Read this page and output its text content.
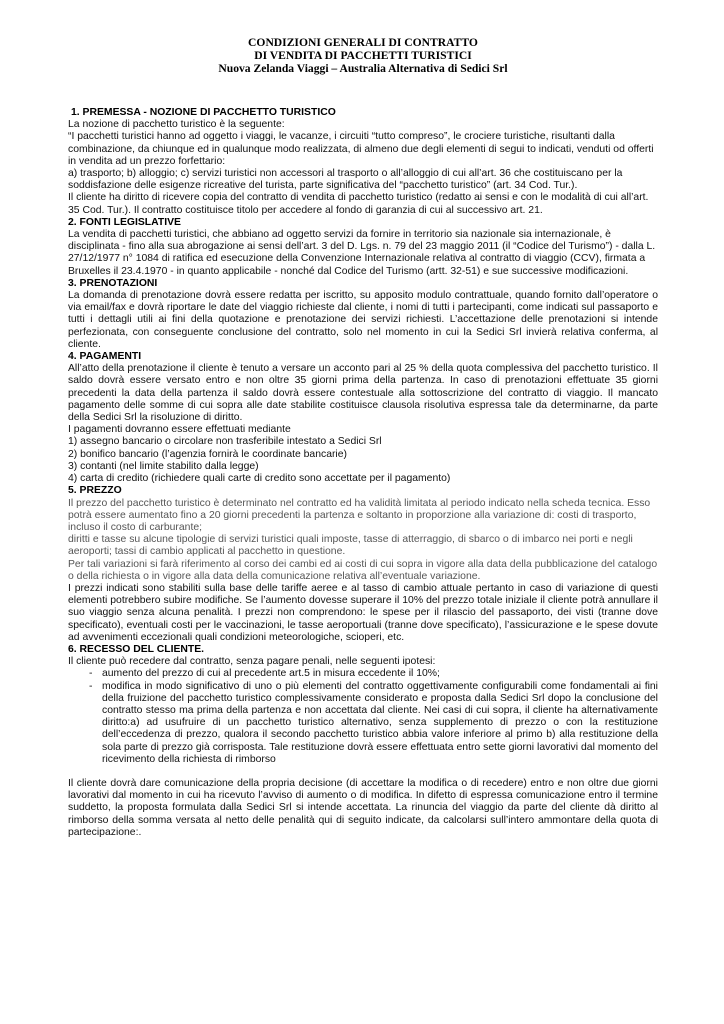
CONDIZIONI GENERALI DI CONTRATTO
DI VENDITA DI PACCHETTI TURISTICI
Nuova Zelanda Viaggi – Australia Alternativa di Sedici Srl
1. PREMESSA - NOZIONE DI PACCHETTO TURISTICO

La nozione di pacchetto turistico è la seguente:

“I pacchetti turistici hanno ad oggetto i viaggi, le vacanze, i circuiti “tutto compreso”, le crociere turistiche, risultanti dalla combinazione, da chiunque ed in qualunque modo realizzata, di almeno due degli elementi di segui to indicati, venduti od offerti in vendita ad un prezzo forfettario:

a) trasporto; b) alloggio; c) servizi turistici non accessori al trasporto o all’alloggio di cui all’art. 36 che costituiscano per la soddisfazione delle esigenze ricreative del turista, parte significativa del “pacchetto turistico” (art. 34 Cod. Tur.).

Il cliente ha diritto di ricevere copia del contratto di vendita di pacchetto turistico (redatto ai sensi e con le modalità di cui all’art. 35 Cod. Tur.). Il contratto costituisce titolo per accedere al fondo di garanzia di cui al successivo art. 21.

2. FONTI LEGISLATIVE

La vendita di pacchetti turistici, che abbiano ad oggetto servizi da fornire in territorio sia nazionale sia internazionale, è disciplinata - fino alla sua abrogazione ai sensi dell’art. 3 del D. Lgs. n. 79 del 23 maggio 2011 (il “Codice del Turismo”) - dalla L. 27/12/1977 n° 1084 di ratifica ed esecuzione della Convenzione Internazionale relativa al contratto di viaggio (CCV), firmata a Bruxelles il 23.4.1970 - in quanto applicabile - nonché dal Codice del Turismo (artt. 32-51) e sue successive modificazioni.

3. PRENOTAZIONI

La domanda di prenotazione dovrà essere redatta per iscritto, su apposito modulo contrattuale, quando fornito dall’operatore o via email/fax e dovrà riportare le date del viaggio richieste dal cliente, i nomi di tutti i partecipanti, come indicati sul passaporto e tutti i dettagli utili ai fini della quotazione e prenotazione dei servizi richiesti. L’accettazione delle prenotazioni si intende perfezionata, con conseguente conclusione del contratto, solo nel momento in cui la Sedici Srl invierà relativa conferma, al cliente.

4. PAGAMENTI

All’atto della prenotazione il cliente è tenuto a versare un acconto pari al 25 % della quota complessiva del pacchetto turistico. Il saldo dovrà essere versato entro e non oltre 35 giorni prima della partenza. In caso di prenotazioni effettuate 35 giorni precedenti la data della partenza il saldo dovrà essere contestuale alla sottoscrizione del contratto di viaggio. Il mancato pagamento delle somme di cui sopra alle date stabilite costituisce clausola risolutiva espressa tale da determinarne, da parte della Sedici Srl la risoluzione di diritto.

I pagamenti dovranno essere effettuati mediante

1) assegno bancario o circolare non trasferibile intestato a Sedici Srl

2) bonifico bancario (l’agenzia fornirà le coordinate bancarie)

3) contanti (nel limite stabilito dalla legge)

4) carta di credito (richiedere quali carte di credito sono accettate per il pagamento)

5. PREZZO

Il prezzo del pacchetto turistico è determinato nel contratto ed ha validità limitata al periodo indicato nella scheda tecnica. Esso potrà essere aumentato fino a 20 giorni precedenti la partenza e soltanto in proporzione alla variazione di: costi di trasporto, incluso il costo di carburante;

diritti e tasse su alcune tipologie di servizi turistici quali imposte, tasse di atterraggio, di sbarco o di imbarco nei porti e negli aeroporti; tassi di cambio applicati al pacchetto in questione.

Per tali variazioni si farà riferimento al corso dei cambi ed ai costi di cui sopra in vigore alla data della pubblicazione del catalogo o della richiesta o in vigore alla data della comunicazione relativa all’eventuale variazione.

I prezzi indicati sono stabiliti sulla base delle tariffe aeree e al tasso di cambio attuale pertanto in caso di variazione di questi elementi potrebbero subire modifiche. Se l’aumento dovesse superare il 10% del prezzo totale iniziale il cliente potrà annullare il suo viaggio senza alcuna penalità. I prezzi non comprendono: le spese per il rilascio del passaporto, dei visti (tranne dove specificato), eventuali costi per le vaccinazioni, le tasse aeroportuali (tranne dove specificato), l’assicurazione e le spese dovute ad avvenimenti eccezionali quali condizioni meteorologiche, scioperi, etc.

6. RECESSO DEL CLIENTE.

Il cliente può recedere dal contratto, senza pagare penali, nelle seguenti ipotesi:

- aumento del prezzo di cui al precedente art.5 in misura eccedente il 10%;
- modifica in modo significativo di uno o più elementi del contratto oggettivamente configurabili come fondamentali ai fini della fruizione del pacchetto turistico complessivamente considerato e proposta dalla Sedici Srl dopo la conclusione del contratto stesso ma prima della partenza e non accettata dal cliente. Nei casi di cui sopra, il cliente ha alternativamente diritto:a) ad usufruire di un pacchetto turistico alternativo, senza supplemento di prezzo o con la restituzione dell’eccedenza di prezzo, qualora il secondo pacchetto turistico abbia valore inferiore al primo b) alla restituzione della sola parte di prezzo già corrisposta. Tale restituzione dovrà essere effettuata entro sette giorni lavorativi dal momento del ricevimento della richiesta di rimborso

Il cliente dovrà dare comunicazione della propria decisione (di accettare la modifica o di recedere) entro e non oltre due giorni lavorativi dal momento in cui ha ricevuto l’avviso di aumento o di modifica. In difetto di espressa comunicazione entro il termine suddetto, la proposta formulata dalla Sedici Srl si intende accettata. La rinuncia del viaggio da parte del cliente dà diritto al rimborso della somma versata al netto delle penalità qui di seguito indicate, da calcolarsi sull’intero ammontare della quota di partecipazione:.
